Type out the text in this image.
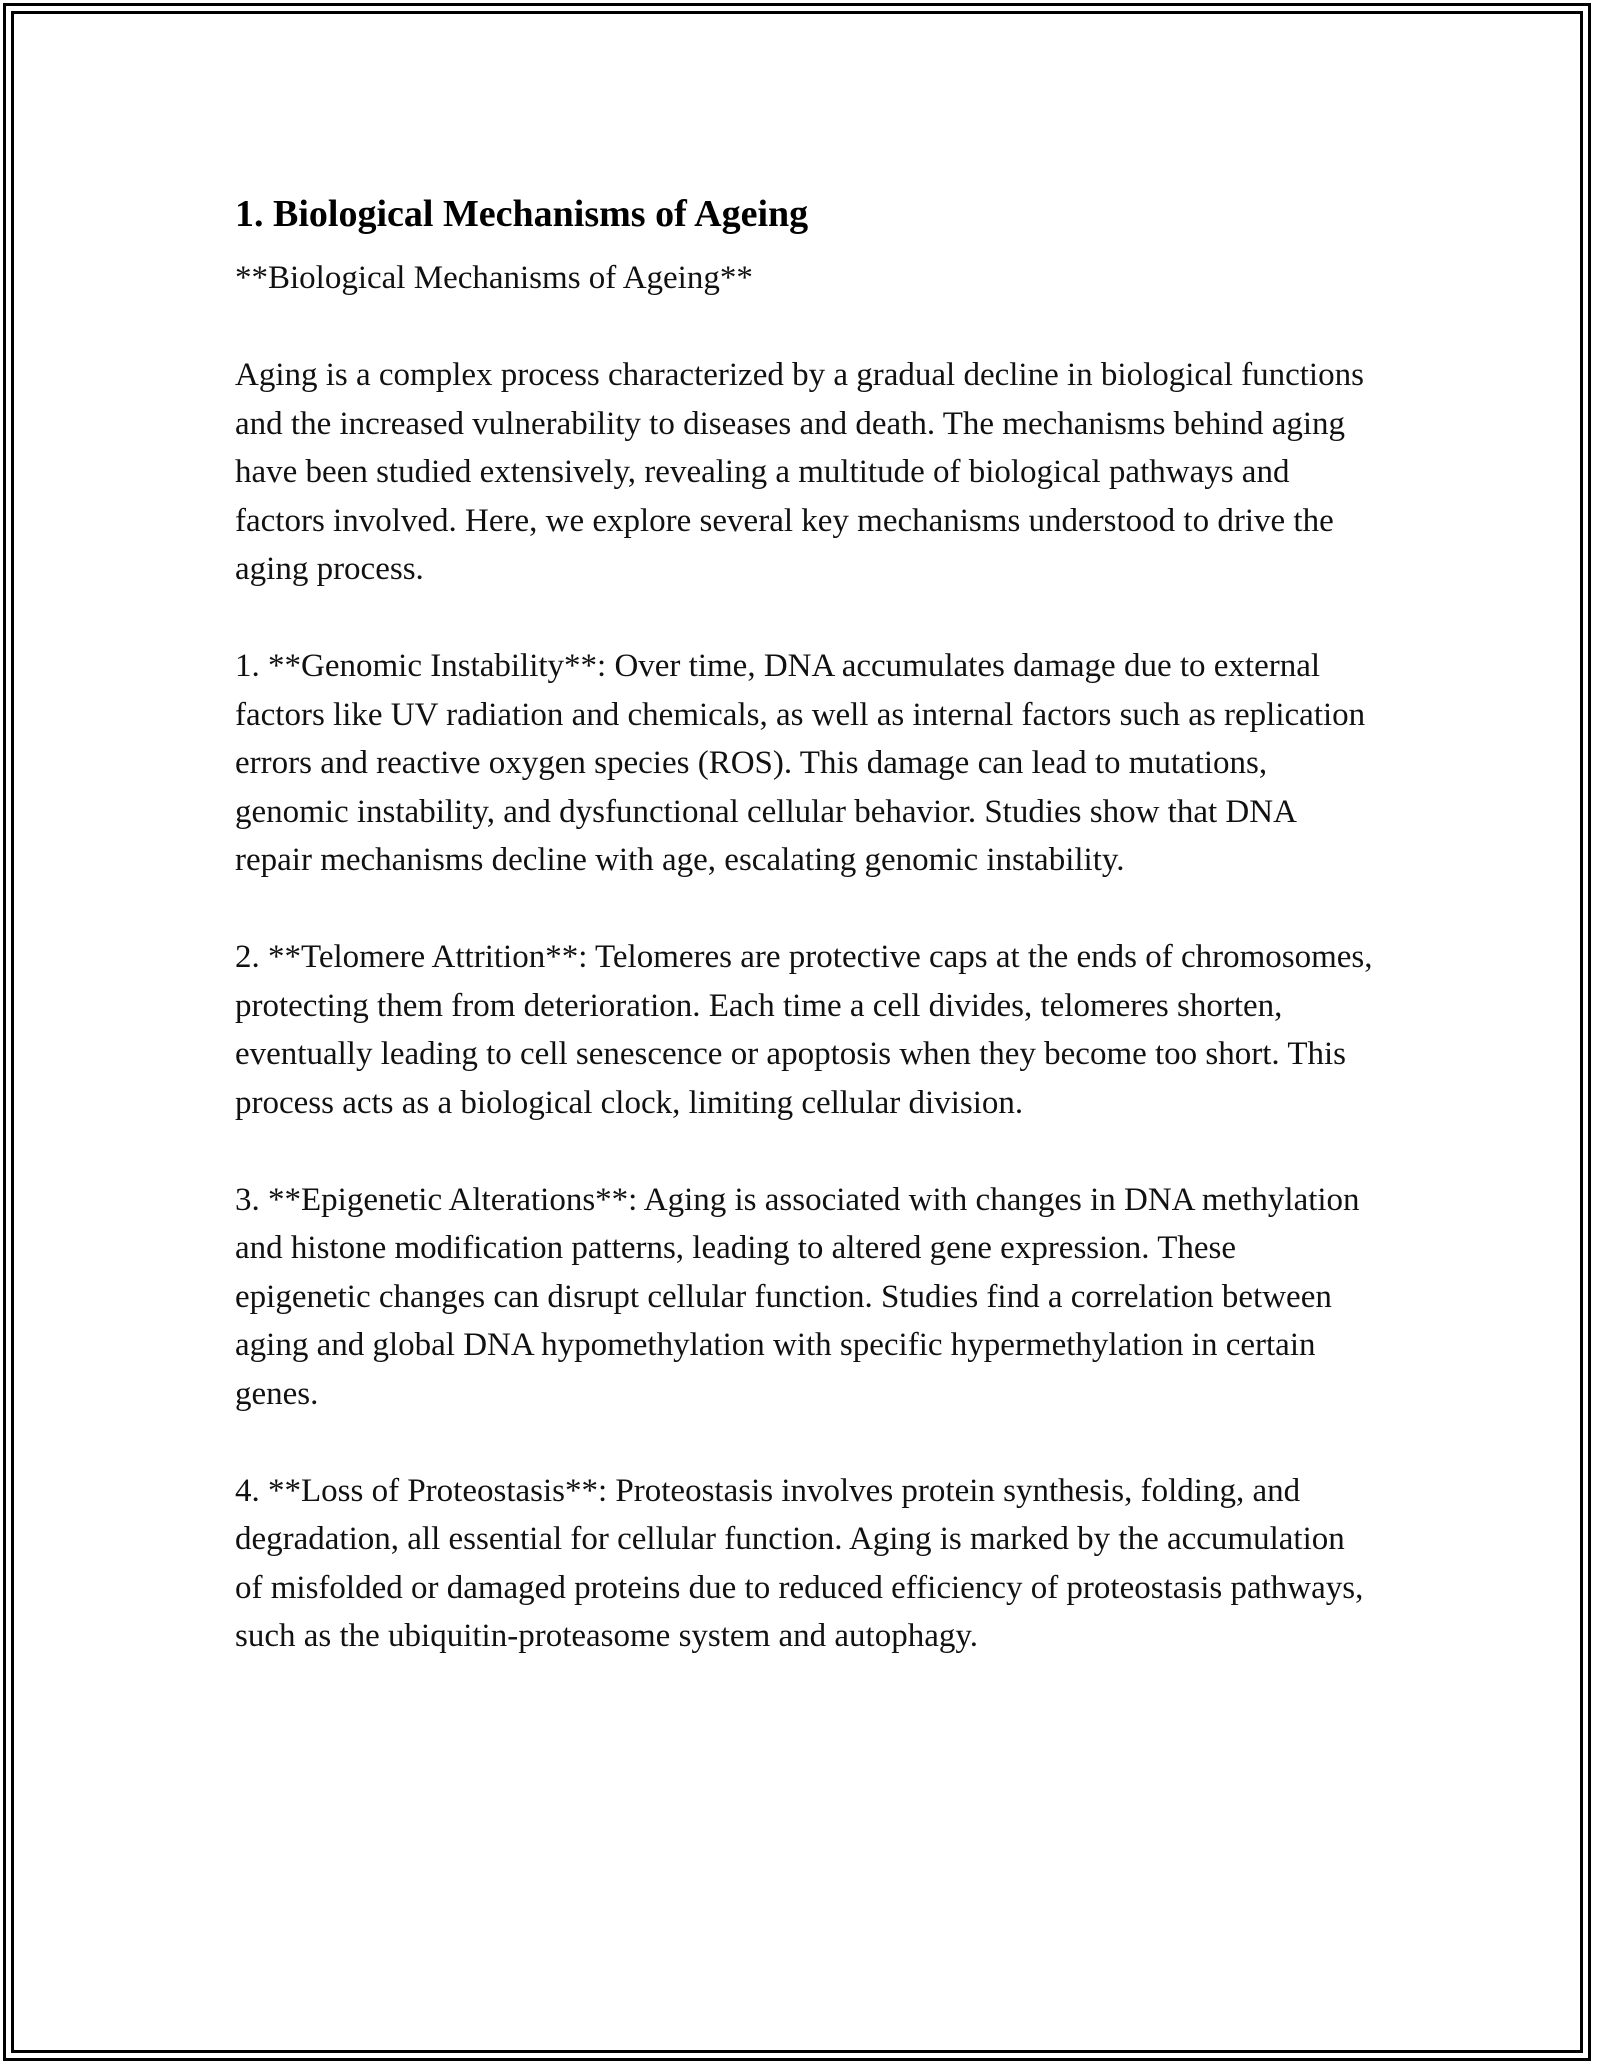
1. Biological Mechanisms of Ageing

**Biological Mechanisms of Ageing**

Aging is a complex process characterized by a gradual decline in biological functions and the increased vulnerability to diseases and death. The mechanisms behind aging have been studied extensively, revealing a multitude of biological pathways and factors involved. Here, we explore several key mechanisms understood to drive the aging process.

1. **Genomic Instability**: Over time, DNA accumulates damage due to external factors like UV radiation and chemicals, as well as internal factors such as replication errors and reactive oxygen species (ROS). This damage can lead to mutations, genomic instability, and dysfunctional cellular behavior. Studies show that DNA repair mechanisms decline with age, escalating genomic instability.

2. **Telomere Attrition**: Telomeres are protective caps at the ends of chromosomes, protecting them from deterioration. Each time a cell divides, telomeres shorten, eventually leading to cell senescence or apoptosis when they become too short. This process acts as a biological clock, limiting cellular division.

3. **Epigenetic Alterations**: Aging is associated with changes in DNA methylation and histone modification patterns, leading to altered gene expression. These epigenetic changes can disrupt cellular function. Studies find a correlation between aging and global DNA hypomethylation with specific hypermethylation in certain genes.

4. **Loss of Proteostasis**: Proteostasis involves protein synthesis, folding, and degradation, all essential for cellular function. Aging is marked by the accumulation of misfolded or damaged proteins due to reduced efficiency of proteostasis pathways, such as the ubiquitin-proteasome system and autophagy.
